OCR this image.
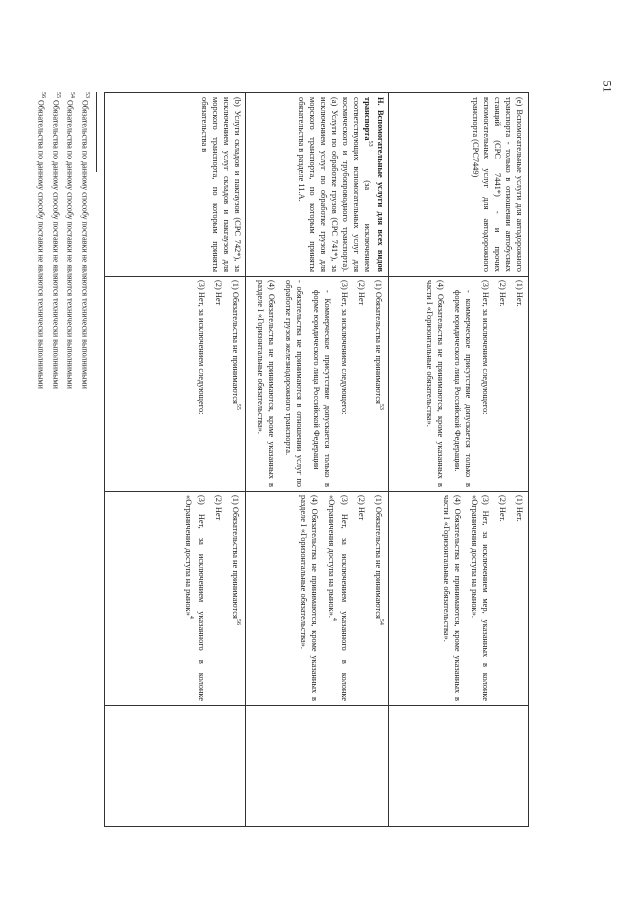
51

(e) Вспомогательные услуги для автодорожного транспорта - только в отношении автобусных станций (CPC 7441*) - и прочих вспомогательных услуг для автодорожного транспорта (CPC7449)

(1) Нет.

(2) Нет.

(3) Нет, за исключением следующего:

- коммерческое присутствие допускается только в форме юридического лица Российской Федерации.

(4) Обязательства не принимаются, кроме указанных в части I «Горизонтальные обязательства».

(1) Нет.

(2) Нет.

(3) Нет, за исключением мер, указанных в колонке «Ограничения доступа на рынок».

(4) Обязательства не принимаются, кроме указанных в части I «Горизонтальные обязательства».

H. Вспомогательные услуги для всех видов транспорта$^{53}$ (за исключением соответствующих вспомогательных услуг для космического и трубопроводного транспорта). (а) Услуги по обработке грузов (CPC 741*), за исключением услуг по обработке грузов для морского транспорта, по которым приняты обязательства в разделе 11.A.

(1) Обязательства не принимаются$^{53}$

(2) Нет

(3) Нет, за исключением следующего:

- Коммерческое присутствие допускается только в форме юридического лица Российской Федерации

- обязательства не принимаются в отношении услуг по обработке грузов железнодорожного транспорта.

(4) Обязательства не принимаются, кроме указанных в разделе I «Горизонтальные обязательства».

(1) Обязательства не принимаются$^{54}$

(2) Нет

(3) Нет, за исключением указанного в колонке «Ограничения доступа на рынок».$^4$

(4) Обязательства не принимаются, кроме указанных в разделе I «Горизонтальные обязательства».

(b) Услуги складов и пакгаузов (CPC 742*), за исключением услуг складов и пакгаузов для морского транспорта, по которым приняты обязательства в

(1) Обязательства не принимаются$^{55}$

(2) Нет

(3) Нет, за исключением следующего:

(1) Обязательства не принимаются$^{56}$

(2) Нет

(3) Нет, за исключением указанного в колонке «Ограничения доступа на рынок»$^4$

$^{53}$ Обязательства по данному способу поставки не являются технически выполнимыми
$^{54}$ Обязательства по данному способу поставки не являются технически выполнимыми
$^{55}$ Обязательства по данному способу поставки не являются технически выполнимыми
$^{56}$ Обязательства по данному способу поставки не являются технически выполнимыми
